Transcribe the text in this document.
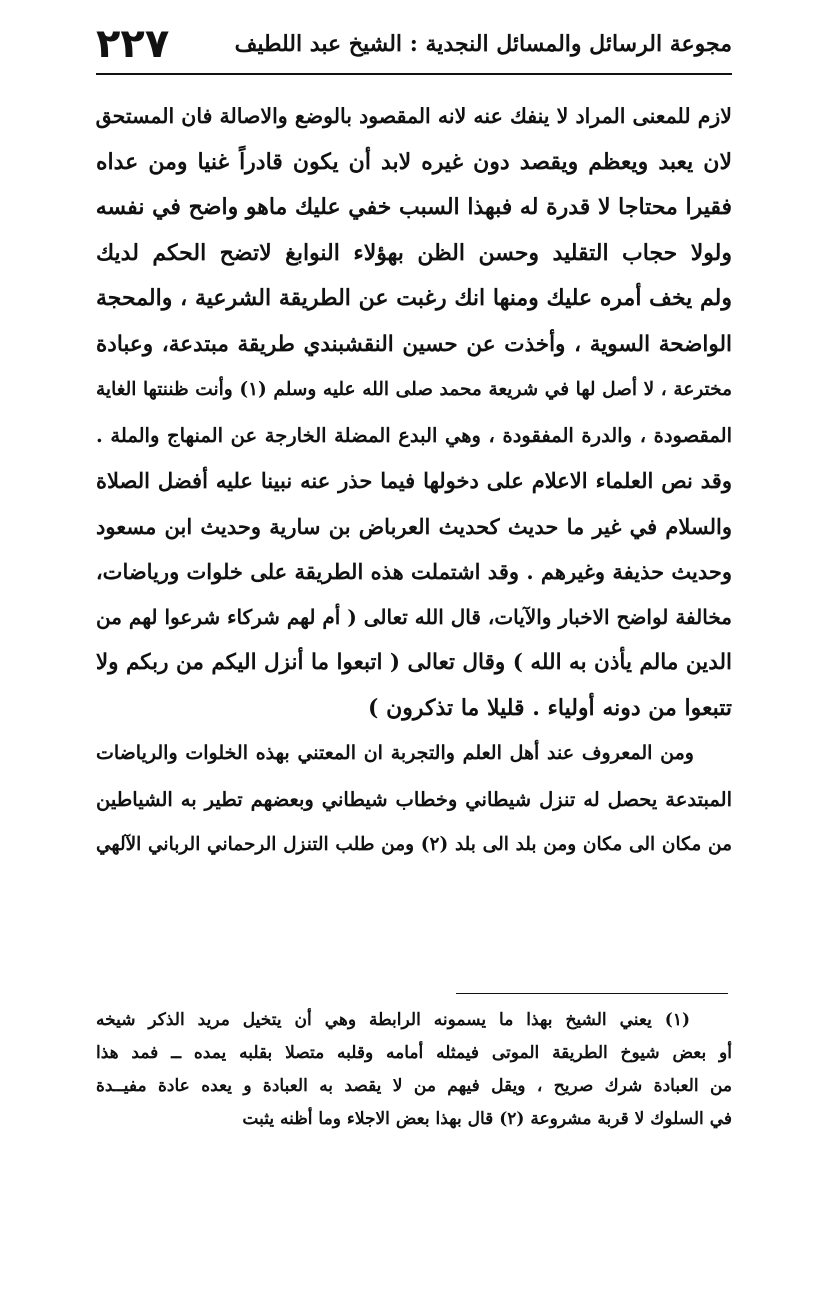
مجوعة الرسائل والمسائل النجدية : الشيخ عبد اللطيف
٢٢٧
لازم للمعنى المراد لا ينفك عنه لانه المقصود بالوضع والاصالة فان المستحق
لان يعبد ويعظم ويقصد دون غيره لابد أن يكون قادراً غنيا ومن عداه
فقيرا محتاجا لا قدرة له فبهذا السبب خفي عليك ماهو واضح في نفسه
ولولا حجاب التقليد وحسن الظن بهؤلاء النوابغ لاتضح الحكم لديك
ولم يخف أمره عليك ومنها انك رغبت عن الطريقة الشرعية ، والمحجة
الواضحة السوية ، وأخذت عن حسين النقشبندي طريقة مبتدعة، وعبادة
مخترعة ، لا أصل لها في شريعة محمد صلى الله عليه وسلم (١) وأنت ظننتها الغاية
المقصودة ، والدرة المفقودة ، وهي البدع المضلة الخارجة عن المنهاج والملة .
وقد نص العلماء الاعلام على دخولها فيما حذر عنه نبينا عليه أفضل الصلاة
والسلام في غير ما حديث كحديث العرباض بن سارية وحديث ابن مسعود
وحديث حذيفة وغيرهم . وقد اشتملت هذه الطريقة على خلوات ورياضات،
مخالفة لواضح الاخبار والآيات، قال الله تعالى ( أم لهم شركاء شرعوا لهم من
الدين مالم يأذن به الله ) وقال تعالى ( اتبعوا ما أنزل اليكم من ربكم ولا
تتبعوا من دونه أولياء . قليلا ما تذكرون )
ومن المعروف عند أهل العلم والتجربة ان المعتني بهذه الخلوات والرياضات
المبتدعة يحصل له تنزل شيطاني وخطاب شيطاني وبعضهم تطير به الشياطين
من مكان الى مكان ومن بلد الى بلد (٢) ومن طلب التنزل الرحماني الرباني الآلهي
(١) يعني الشيخ بهذا ما يسمونه الرابطة وهي أن يتخيل مريد الذكر شيخه
أو بعض شيوخ الطريقة الموتى فيمثله أمامه وقلبه متصلا بقلبه يمده ــ فمد هذا
من العبادة شرك صريح ، ويقل فيهم من لا يقصد به العبادة و يعده عادة مفيــدة
في السلوك لا قربة مشروعة (٢) قال بهذا بعض الاجلاء وما أظنه يثبت
